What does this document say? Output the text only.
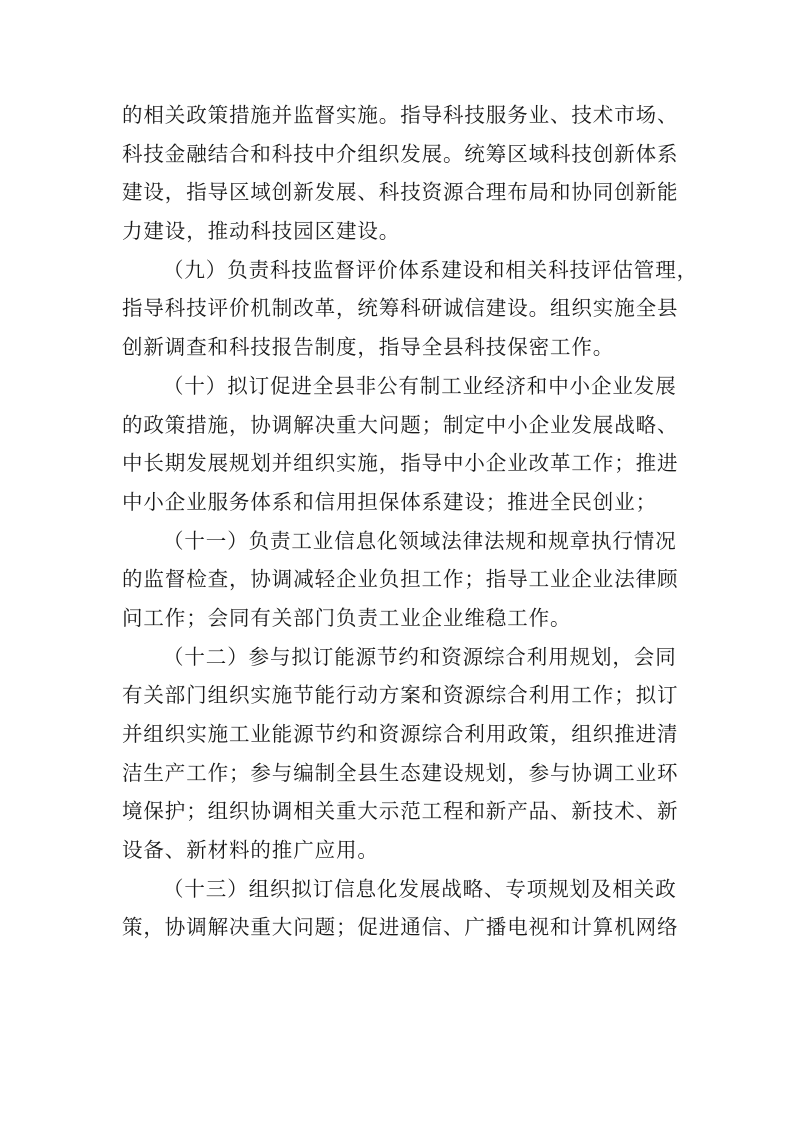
的相关政策措施并监督实施。指导科技服务业、技术市场、
科技金融结合和科技中介组织发展。统筹区域科技创新体系
建设，指导区域创新发展、科技资源合理布局和协同创新能
力建设，推动科技园区建设。
（九）负责科技监督评价体系建设和相关科技评估管理，
指导科技评价机制改革，统筹科研诚信建设。组织实施全县
创新调查和科技报告制度，指导全县科技保密工作。
（十）拟订促进全县非公有制工业经济和中小企业发展
的政策措施，协调解决重大问题；制定中小企业发展战略、
中长期发展规划并组织实施，指导中小企业改革工作；推进
中小企业服务体系和信用担保体系建设；推进全民创业；
（十一）负责工业信息化领域法律法规和规章执行情况
的监督检查，协调减轻企业负担工作；指导工业企业法律顾
问工作；会同有关部门负责工业企业维稳工作。
（十二）参与拟订能源节约和资源综合利用规划，会同
有关部门组织实施节能行动方案和资源综合利用工作；拟订
并组织实施工业能源节约和资源综合利用政策，组织推进清
洁生产工作；参与编制全县生态建设规划，参与协调工业环
境保护；组织协调相关重大示范工程和新产品、新技术、新
设备、新材料的推广应用。
（十三）组织拟订信息化发展战略、专项规划及相关政
策，协调解决重大问题；促进通信、广播电视和计算机网络
